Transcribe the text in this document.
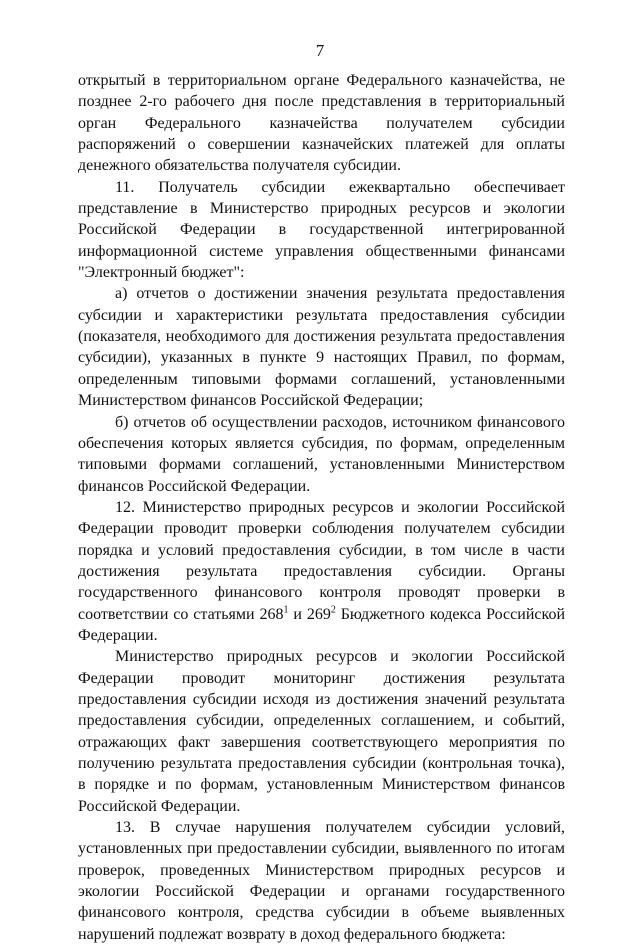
7

открытый в территориальном органе Федерального казначейства, не позднее 2-го рабочего дня после представления в территориальный орган Федерального казначейства получателем субсидии распоряжений о совершении казначейских платежей для оплаты денежного обязательства получателя субсидии.

11. Получатель субсидии ежеквартально обеспечивает представление в Министерство природных ресурсов и экологии Российской Федерации в государственной интегрированной информационной системе управления общественными финансами "Электронный бюджет":

а) отчетов о достижении значения результата предоставления субсидии и характеристики результата предоставления субсидии (показателя, необходимого для достижения результата предоставления субсидии), указанных в пункте 9 настоящих Правил, по формам, определенным типовыми формами соглашений, установленными Министерством финансов Российской Федерации;

б) отчетов об осуществлении расходов, источником финансового обеспечения которых является субсидия, по формам, определенным типовыми формами соглашений, установленными Министерством финансов Российской Федерации.

12. Министерство природных ресурсов и экологии Российской Федерации проводит проверки соблюдения получателем субсидии порядка и условий предоставления субсидии, в том числе в части достижения результата предоставления субсидии. Органы государственного финансового контроля проводят проверки в соответствии со статьями $268^1$ и $269^2$ Бюджетного кодекса Российской Федерации.

Министерство природных ресурсов и экологии Российской Федерации проводит мониторинг достижения результата предоставления субсидии исходя из достижения значений результата предоставления субсидии, определенных соглашением, и событий, отражающих факт завершения соответствующего мероприятия по получению результата предоставления субсидии (контрольная точка), в порядке и по формам, установленным Министерством финансов Российской Федерации.

13. В случае нарушения получателем субсидии условий, установленных при предоставлении субсидии, выявленного по итогам проверок, проведенных Министерством природных ресурсов и экологии Российской Федерации и органами государственного финансового контроля, средства субсидии в объеме выявленных нарушений подлежат возврату в доход федерального бюджета:
